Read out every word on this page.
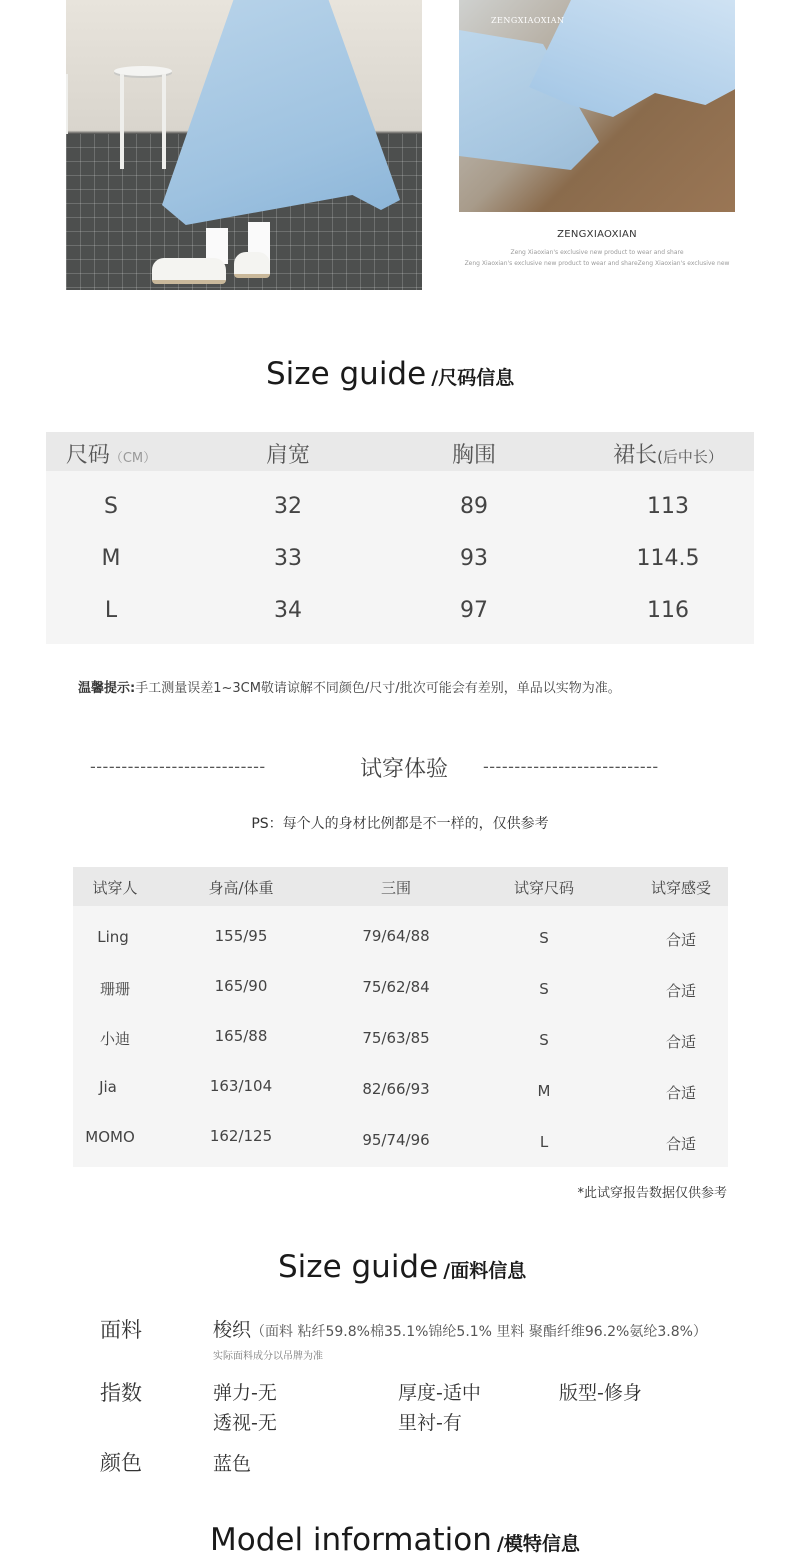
ZENGXIAOXIAN
ZENGXIAOXIAN
Zeng Xiaoxian's exclusive new product to wear and share
Zeng Xiaoxian's exclusive new product to wear and shareZeng Xiaoxian's exclusive new
Size guide /尺码信息
尺码（CM）	肩宽	胸围	裙长(后中长）
S	32	89	113
M	33	93	114.5
L	34	97	116
温馨提示:手工测量误差1~3CM敬请谅解不同颜色/尺寸/批次可能会有差别，单品以实物为准。
----------------------------	试穿体验	----------------------------
PS：每个人的身材比例都是不一样的，仅供参考
试穿人	身高/体重	三围	试穿尺码	试穿感受
Ling	155/95	79/64/88	S	合适
珊珊	165/90	75/62/84	S	合适
小迪	165/88	75/63/85	S	合适
Jia	163/104	82/66/93	M	合适
MOMO	162/125	95/74/96	L	合适
*此试穿报告数据仅供参考
Size guide /面料信息
面料	梭织（面料 粘纤59.8%棉35.1%锦纶5.1% 里料 聚酯纤维96.2%氨纶3.8%）
实际面料成分以吊牌为准
指数	弹力-无	厚度-适中	版型-修身
透视-无	里衬-有
颜色	蓝色
Model information /模特信息
